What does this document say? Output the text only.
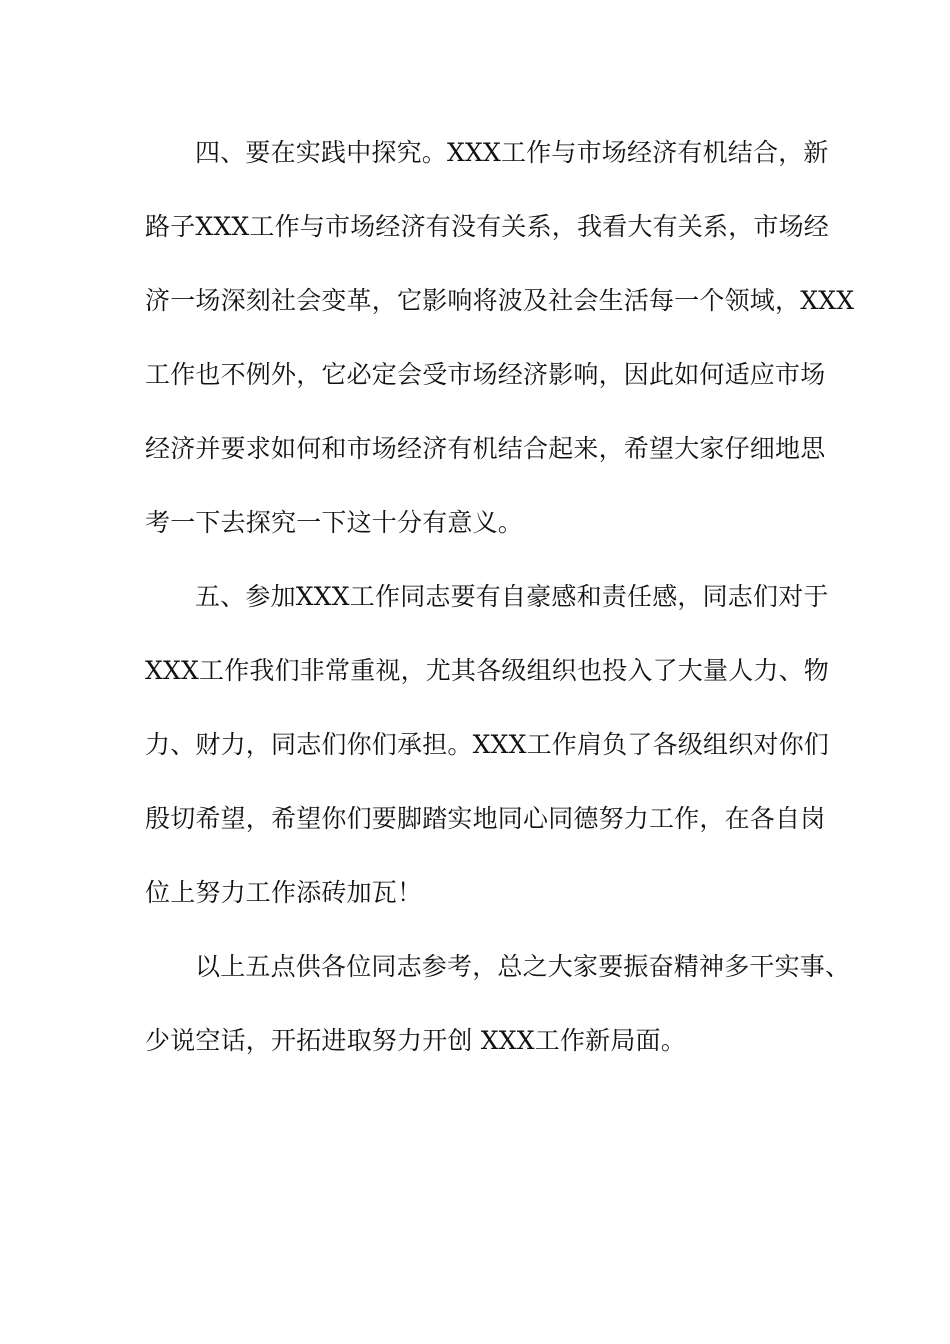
四、要在实践中探究。XXX工作与市场经济有机结合，新
路子XXX工作与市场经济有没有关系，我看大有关系，市场经
济一场深刻社会变革，它影响将波及社会生活每一个领域，XXX
工作也不例外，它必定会受市场经济影响，因此如何适应市场
经济并要求如何和市场经济有机结合起来，希望大家仔细地思
考一下去探究一下这十分有意义。
五、参加XXX工作同志要有自豪感和责任感，同志们对于
XXX工作我们非常重视，尤其各级组织也投入了大量人力、物
力、财力，同志们你们承担。XXX工作肩负了各级组织对你们
殷切希望，希望你们要脚踏实地同心同德努力工作，在各自岗
位上努力工作添砖加瓦！
以上五点供各位同志参考，总之大家要振奋精神多干实事、
少说空话，开拓进取努力开创 XXX工作新局面。
